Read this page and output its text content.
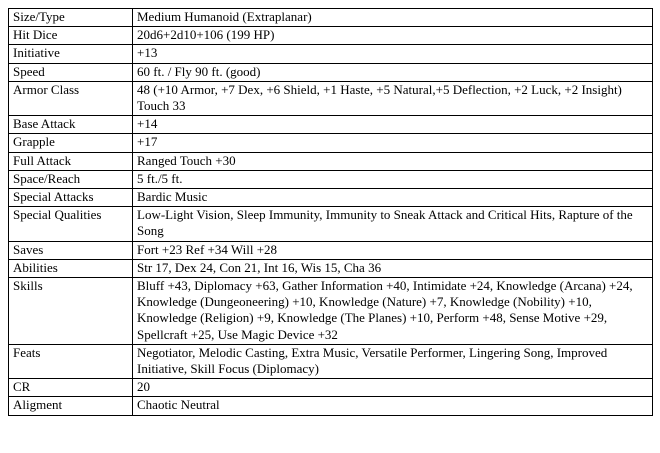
Size/Type	Medium Humanoid (Extraplanar)
Hit Dice	20d6+2d10+106 (199 HP)
Initiative	+13
Speed	60 ft. / Fly 90 ft. (good)
Armor Class	48 (+10 Armor, +7 Dex, +6 Shield, +1 Haste, +5 Natural,+5 Deflection, +2 Luck, +2 Insight) Touch 33
Base Attack	+14
Grapple	+17
Full Attack	Ranged Touch +30
Space/Reach	5 ft./5 ft.
Special Attacks	Bardic Music
Special Qualities	Low-Light Vision, Sleep Immunity, Immunity to Sneak Attack and Critical Hits, Rapture of the Song
Saves	Fort +23 Ref +34 Will +28
Abilities	Str 17, Dex 24, Con 21, Int 16, Wis 15, Cha 36
Skills	Bluff +43, Diplomacy +63, Gather Information +40, Intimidate +24, Knowledge (Arcana) +24, Knowledge (Dungeoneering) +10, Knowledge (Nature) +7, Knowledge (Nobility) +10, Knowledge (Religion) +9, Knowledge (The Planes) +10, Perform +48, Sense Motive +29, Spellcraft +25, Use Magic Device +32
Feats	Negotiator, Melodic Casting, Extra Music, Versatile Performer, Lingering Song, Improved Initiative, Skill Focus (Diplomacy)
CR	20
Aligment	Chaotic Neutral
